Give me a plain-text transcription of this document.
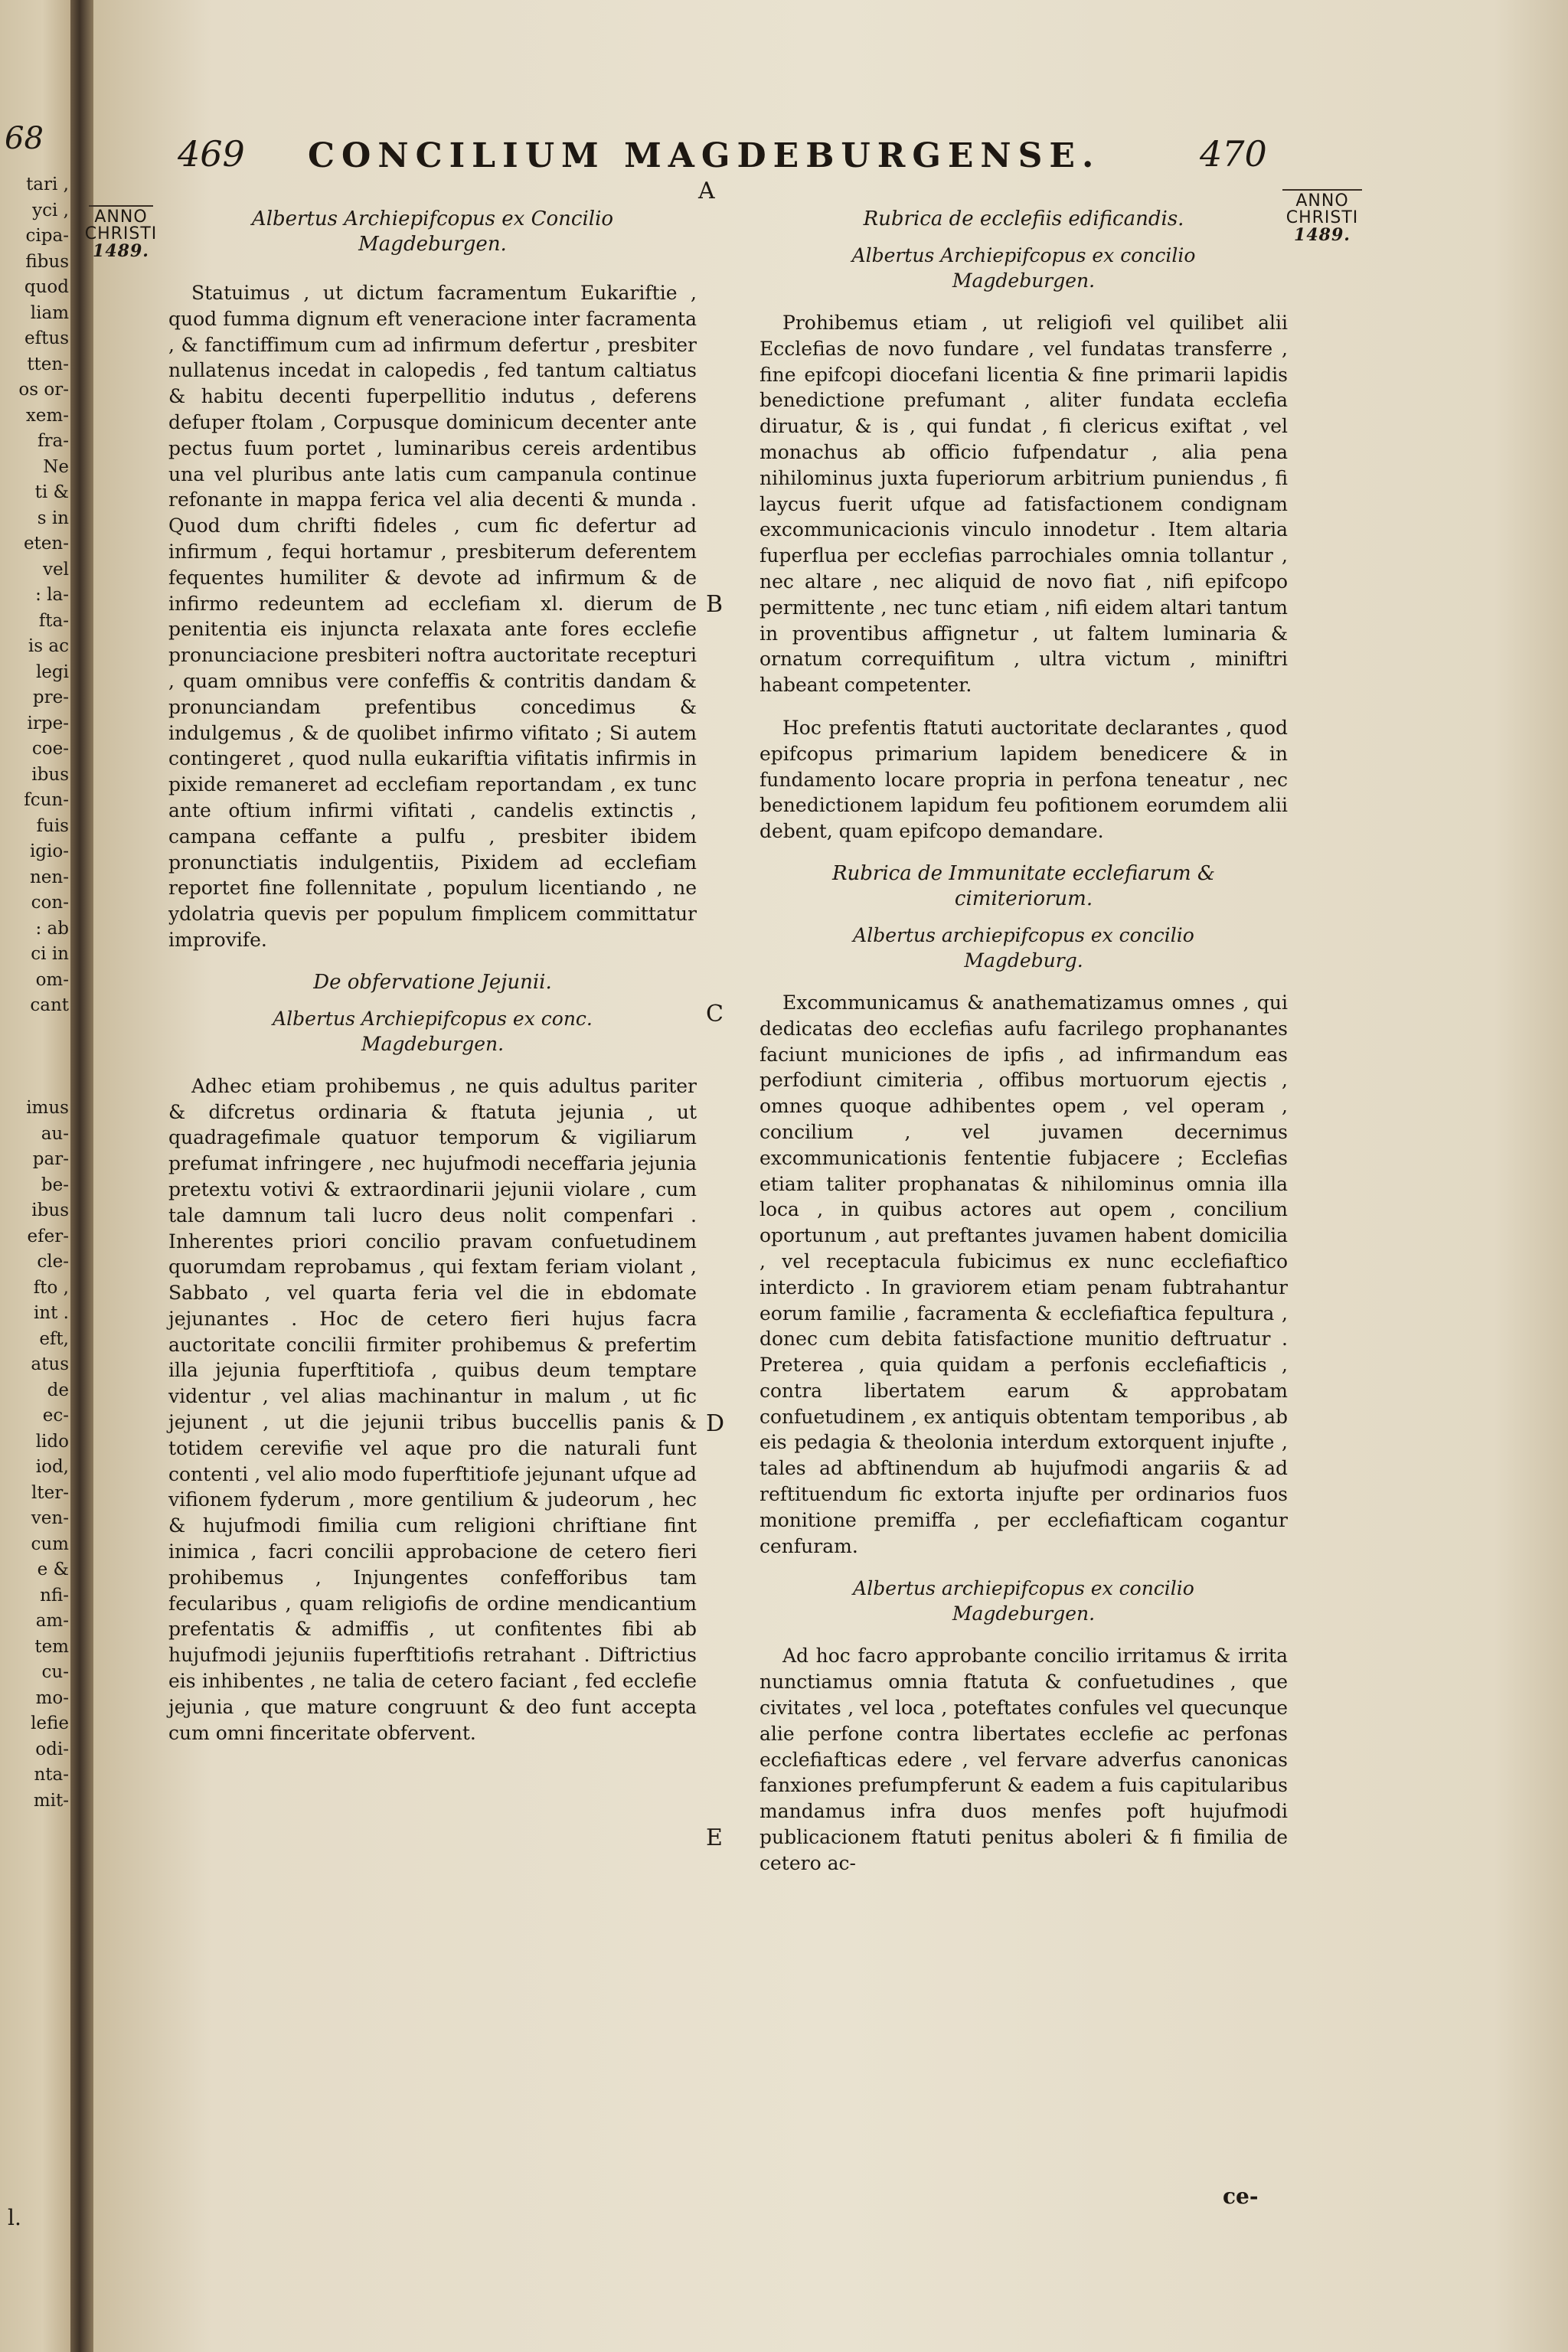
68
tari ,
yci ,
cipa-
fibus
quod
liam
eftus
tten-
os or-
xem-
fra-
Ne
ti &
s in
eten-
vel
: la-
fta-
is ac
legi
pre-
irpe-
coe-
ibus
fcun-
fuis
igio-
nen-
con-
: ab
ci in
om-
cant

imus
au-
par-
be-
ibus
efer-
cle-
fto ,
int .
eft,
atus
de
ec-
lido
iod,
lter-
ven-
cum
e &
nfi-
am-
tem
cu-
mo-
lefie
odi-
nta-
mit-
l.
469 CONCILIUM MAGDEBURGENSE.	470
ANNO
CHRISTI
1489.
ANNO
CHRISTI
1489.
A
B
C
D
E
Albertus Archiepifcopus ex Concilio Magdeburgen.

Statuimus , ut dictum facramentum Eukariftie , quod fumma dignum eft veneracione inter facramenta , & fanctiffimum cum ad infirmum defertur , presbiter nullatenus incedat in calopedis , fed tantum caltiatus & habitu decenti fuperpellitio indutus , deferens defuper ftolam , Corpusque dominicum decenter ante pectus fuum portet , luminaribus cereis ardentibus una vel pluribus ante latis cum campanula continue refonante in mappa ferica vel alia decenti & munda . Quod dum chrifti fideles , cum fic defertur ad infirmum , fequi hortamur , presbiterum deferentem fequentes humiliter & devote ad infirmum & de infirmo redeuntem ad ecclefiam xl. dierum de penitentia eis injuncta relaxata ante fores ecclefie pronunciacione presbiteri noftra auctoritate recepturi , quam omnibus vere confeffis & contritis dandam & pronunciandam prefentibus concedimus & indulgemus , & de quolibet infirmo vifitato ; Si autem contingeret , quod nulla eukariftia vifitatis infirmis in pixide remaneret ad ecclefiam reportandam , ex tunc ante oftium infirmi vifitati , candelis extinctis , campana ceffante a pulfu , presbiter ibidem pronunctiatis indulgentiis, Pixidem ad ecclefiam reportet fine follennitate , populum licentiando , ne ydolatria quevis per populum fimplicem committatur improvife.

De obfervatione Jejunii.
Albertus Archiepifcopus ex conc. Magdeburgen.

Adhec etiam prohibemus , ne quis adultus pariter & difcretus ordinaria & ftatuta jejunia , ut quadragefimale quatuor temporum & vigiliarum prefumat infringere , nec hujufmodi neceffaria jejunia pretextu votivi & extraordinarii jejunii violare , cum tale damnum tali lucro deus nolit compenfari . Inherentes priori concilio pravam confuetudinem quorumdam reprobamus , qui fextam feriam violant , Sabbato , vel quarta feria vel die in ebdomate jejunantes . Hoc de cetero fieri hujus facra auctoritate concilii firmiter prohibemus & prefertim illa jejunia fuperftitiofa , quibus deum temptare videntur , vel alias machinantur in malum , ut fic jejunent , ut die jejunii tribus buccellis panis & totidem cerevifie vel aque pro die naturali funt contenti , vel alio modo fuperftitiofe jejunant ufque ad vifionem fyderum , more gentilium & judeorum , hec & hujufmodi fimilia cum religioni chriftiane fint inimica , facri concilii approbacione de cetero fieri prohibemus , Injungentes confefforibus tam fecularibus , quam religiofis de ordine mendicantium prefentatis & admiffis , ut confitentes fibi ab hujufmodi jejuniis fuperftitiofis retrahant . Diftrictius eis inhibentes , ne talia de cetero faciant , fed ecclefie jejunia , que mature congruunt & deo funt accepta cum omni finceritate obfervent.

Rubrica de ecclefiis edificandis.
Albertus Archiepifcopus ex concilio Magdeburgen.

Prohibemus etiam , ut religiofi vel quilibet alii Ecclefias de novo fundare , vel fundatas transferre , fine epifcopi diocefani licentia & fine primarii lapidis benedictione prefumant , aliter fundata ecclefia diruatur, & is , qui fundat , fi clericus exiftat , vel monachus ab officio fufpendatur , alia pena nihilominus juxta fuperiorum arbitrium puniendus , fi laycus fuerit ufque ad fatisfactionem condignam excommunicacionis vinculo innodetur . Item altaria fuperflua per ecclefias parrochiales omnia tollantur , nec altare , nec aliquid de novo fiat , nifi epifcopo permittente , nec tunc etiam , nifi eidem altari tantum in proventibus affignetur , ut faltem luminaria & ornatum correquifitum , ultra victum , miniftri habeant competenter.

Hoc prefentis ftatuti auctoritate declarantes , quod epifcopus primarium lapidem benedicere & in fundamento locare propria in perfona teneatur , nec benedictionem lapidum feu pofitionem eorumdem alii debent, quam epifcopo demandare.

Rubrica de Immunitate ecclefiarum & cimiteriorum.
Albertus archiepifcopus ex concilio Magdeburg.

Excommunicamus & anathematizamus omnes , qui dedicatas deo ecclefias aufu facrilego prophanantes faciunt municiones de ipfis , ad infirmandum eas perfodiunt cimiteria , offibus mortuorum ejectis , omnes quoque adhibentes opem , vel operam , concilium , vel juvamen decernimus excommunicationis fententie fubjacere ; Ecclefias etiam taliter prophanatas & nihilominus omnia illa loca , in quibus actores aut opem , concilium oportunum , aut preftantes juvamen habent domicilia , vel receptacula fubicimus ex nunc ecclefiaftico interdicto . In graviorem etiam penam fubtrahantur eorum familie , facramenta & ecclefiaftica fepultura , donec cum debita fatisfactione munitio deftruatur . Preterea , quia quidam a perfonis ecclefiafticis , contra libertatem earum & approbatam confuetudinem , ex antiquis obtentam temporibus , ab eis pedagia & theolonia interdum extorquent injufte , tales ad abftinendum ab hujufmodi angariis & ad reftituendum fic extorta injufte per ordinarios fuos monitione premiffa , per ecclefiafticam cogantur cenfuram.

Albertus archiepifcopus ex concilio Magdeburgen.

Ad hoc facro approbante concilio irritamus & irrita nunctiamus omnia ftatuta & confuetudines , que civitates , vel loca , poteftates confules vel quecunque alie perfone contra libertates ecclefie ac perfonas ecclefiafticas edere , vel fervare adverfus canonicas fanxiones prefumpferunt & eadem a fuis capitularibus mandamus infra duos menfes poft hujufmodi publicacionem ftatuti penitus aboleri & fi fimilia de cetero ac-

ce-
